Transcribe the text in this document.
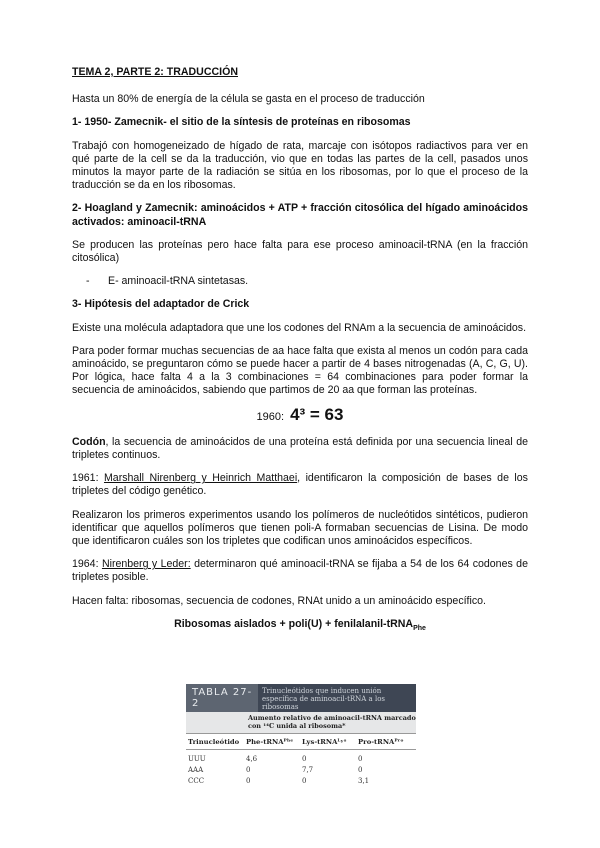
TEMA 2, PARTE 2: TRADUCCIÓN

Hasta un 80% de energía de la célula se gasta en el proceso de traducción

1- 1950- Zamecnik- el sitio de la síntesis de proteínas en ribosomas

Trabajó con homogeneizado de hígado de rata, marcaje con isótopos radiactivos para ver en qué parte de la cell se da la traducción, vio que en todas las partes de la cell, pasados unos minutos la mayor parte de la radiación se sitúa en los ribosomas, por lo que el proceso de la traducción se da en los ribosomas.

2- Hoagland y Zamecnik: aminoácidos + ATP + fracción citosólica del hígado aminoácidos activados: aminoacil-tRNA

Se producen las proteínas pero hace falta para ese proceso aminoacil-tRNA (en la fracción citosólica)

- E- aminoacil-tRNA sintetasas.
3- Hipótesis del adaptador de Crick

Existe una molécula adaptadora que une los codones del RNAm a la secuencia de aminoácidos.

Para poder formar muchas secuencias de aa hace falta que exista al menos un codón para cada aminoácido, se preguntaron cómo se puede hacer a partir de 4 bases nitrogenadas (A, C, G, U). Por lógica, hace falta 4 a la 3 combinaciones = 64 combinaciones para poder formar la secuencia de aminoácidos, sabiendo que partimos de 20 aa que forman las proteínas.

1960: 4³ = 63

Codón, la secuencia de aminoácidos de una proteína está definida por una secuencia lineal de tripletes continuos.

1961: Marshall Nirenberg y Heinrich Matthaei, identificaron la composición de bases de los tripletes del código genético.

Realizaron los primeros experimentos usando los polímeros de nucleótidos sintéticos, pudieron identificar que aquellos polímeros que tienen poli-A formaban secuencias de Lisina. De modo que identificaron cuáles son los tripletes que codifican unos aminoácidos específicos.

1964: Nirenberg y Leder: determinaron qué aminoacil-tRNA se fijaba a 54 de los 64 codones de tripletes posible.

Hacen falta: ribosomas, secuencia de codones, RNAt unido a un aminoácido específico.

Ribosomas aislados + poli(U) + fenilalanil-tRNA$_{Phe}$
TABLA 27-2
Trinucleótidos que inducen unión específica de aminoacil-tRNA a los ribosomas
Aumento relativo de aminoacil-tRNA marcado con ¹⁴C unida al ribosoma*
Trinucleótido Phe-tRNAᴾʰᵉ	Lys-tRNAᴸʸˢ	Pro-tRNAᴾʳᵒ
UUU	4,6	0	0
AAA	0	7,7	0
CCC	0	0	3,1
